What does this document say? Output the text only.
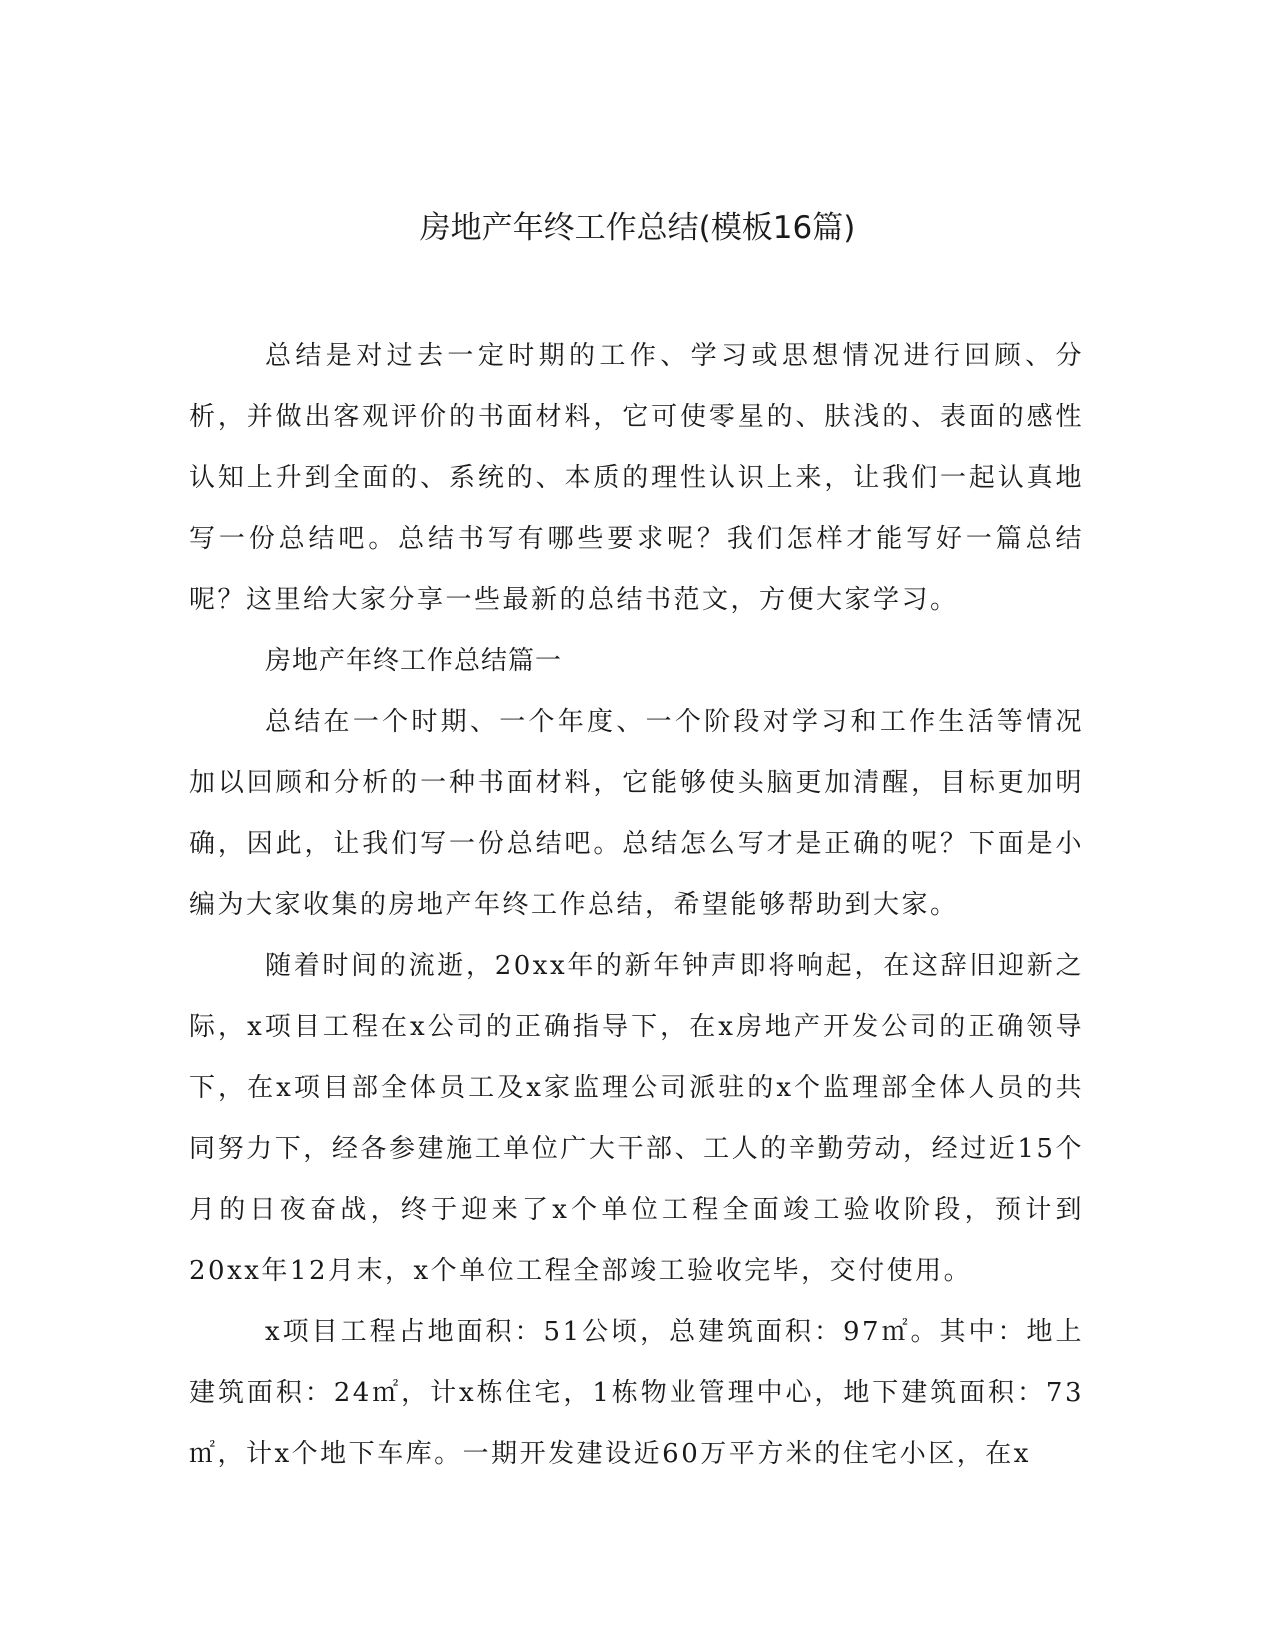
房地产年终工作总结(模板16篇)

总结是对过去一定时期的工作、学习或思想情况进行回顾、分析，并做出客观评价的书面材料，它可使零星的、肤浅的、表面的感性认知上升到全面的、系统的、本质的理性认识上来，让我们一起认真地写一份总结吧。总结书写有哪些要求呢？我们怎样才能写好一篇总结呢？这里给大家分享一些最新的总结书范文，方便大家学习。

房地产年终工作总结篇一

总结在一个时期、一个年度、一个阶段对学习和工作生活等情况加以回顾和分析的一种书面材料，它能够使头脑更加清醒，目标更加明确，因此，让我们写一份总结吧。总结怎么写才是正确的呢？下面是小编为大家收集的房地产年终工作总结，希望能够帮助到大家。

随着时间的流逝，20xx年的新年钟声即将响起，在这辞旧迎新之际，x项目工程在x公司的正确指导下，在x房地产开发公司的正确领导下，在x项目部全体员工及x家监理公司派驻的x个监理部全体人员的共同努力下，经各参建施工单位广大干部、工人的辛勤劳动，经过近15个月的日夜奋战，终于迎来了x个单位工程全面竣工验收阶段，预计到20xx年12月末，x个单位工程全部竣工验收完毕，交付使用。

x项目工程占地面积：51公顷，总建筑面积：97㎡。其中：地上建筑面积：24㎡，计x栋住宅，1栋物业管理中心，地下建筑面积：73㎡，计x个地下车库。一期开发建设近60万平方米的住宅小区，在x
